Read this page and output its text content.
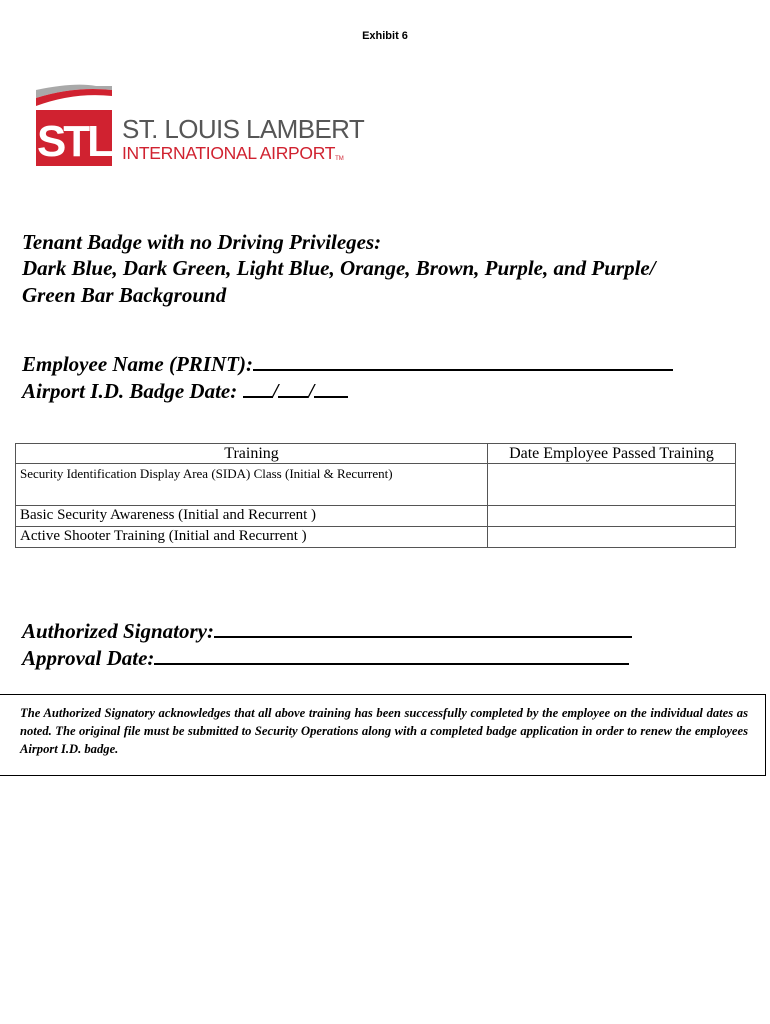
Exhibit 6
STL ST. LOUIS LAMBERT
INTERNATIONAL AIRPORTTM
Tenant Badge with no Driving Privileges:
Dark Blue, Dark Green, Light Blue, Orange, Brown, Purple, and Purple/
Green Bar Background
Employee Name (PRINT):
Airport I.D. Badge Date: / /
Training	Date Employee Passed Training
Security Identification Display Area (SIDA) Class (Initial & Recurrent)	
Basic Security Awareness (Initial and Recurrent )	
Active Shooter Training (Initial and Recurrent )	
Authorized Signatory:
Approval Date:
The Authorized Signatory acknowledges that all above training has been successfully completed by the employee on the individual dates as noted. The original file must be submitted to Security Operations along with a completed badge application in order to renew the employees Airport I.D. badge.
